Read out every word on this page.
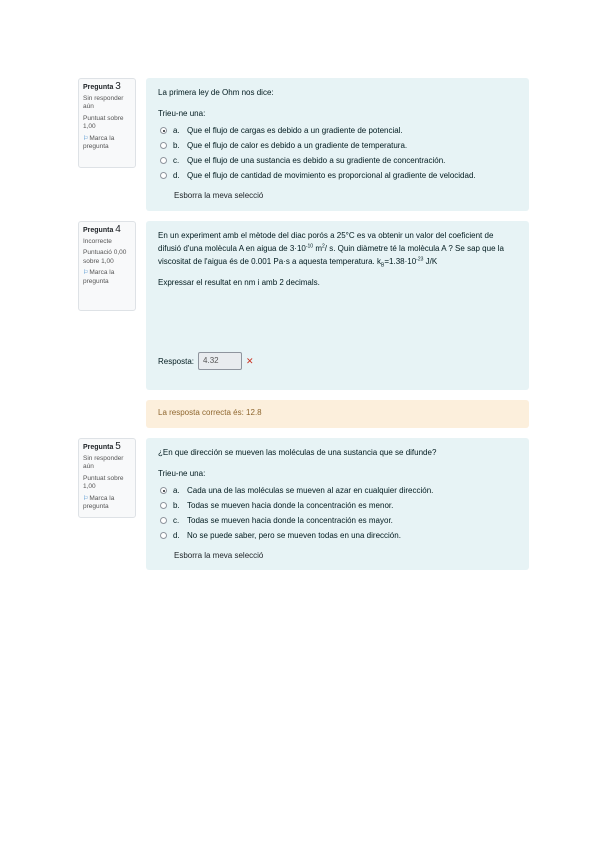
Pregunta 3
Sin responder aún
Puntuat sobre 1,00
⚐Marca la pregunta
La primera ley de Ohm nos dice:
Trieu-ne una:
a. Que el flujo de cargas es debido a un gradiente de potencial.
b. Que el flujo de calor es debido a un gradiente de temperatura.
c. Que el flujo de una sustancia es debido a su gradiente de concentración.
d. Que el flujo de cantidad de movimiento es proporcional al gradiente de velocidad.
Esborra la meva selecció
Pregunta 4
Incorrecte
Puntuació 0,00 sobre 1,00
⚐Marca la pregunta
En un experiment amb el mètode del diac porós a 25°C es va obtenir un valor del coeficient de difusió d'una molècula A en aigua de $3\cdot 10^{-10}$ $m^2/$ s. Quin diàmetre té la molècula A ? Se sap que la viscositat de l'aigua és de 0.001 Pa·s a aquesta temperatura. $k_B=1.38\cdot 10^{-23}$ J/K
Expressar el resultat en nm i amb 2 decimals.
Resposta:	4.32	✕
La resposta correcta és: 12.8
Pregunta 5
Sin responder aún
Puntuat sobre 1,00
⚐Marca la pregunta
¿En que dirección se mueven las moléculas de una sustancia que se difunde?
Trieu-ne una:
a. Cada una de las moléculas se mueven al azar en cualquier dirección.
b. Todas se mueven hacia donde la concentración es menor.
c. Todas se mueven hacia donde la concentración es mayor.
d. No se puede saber, pero se mueven todas en una dirección.
Esborra la meva selecció
